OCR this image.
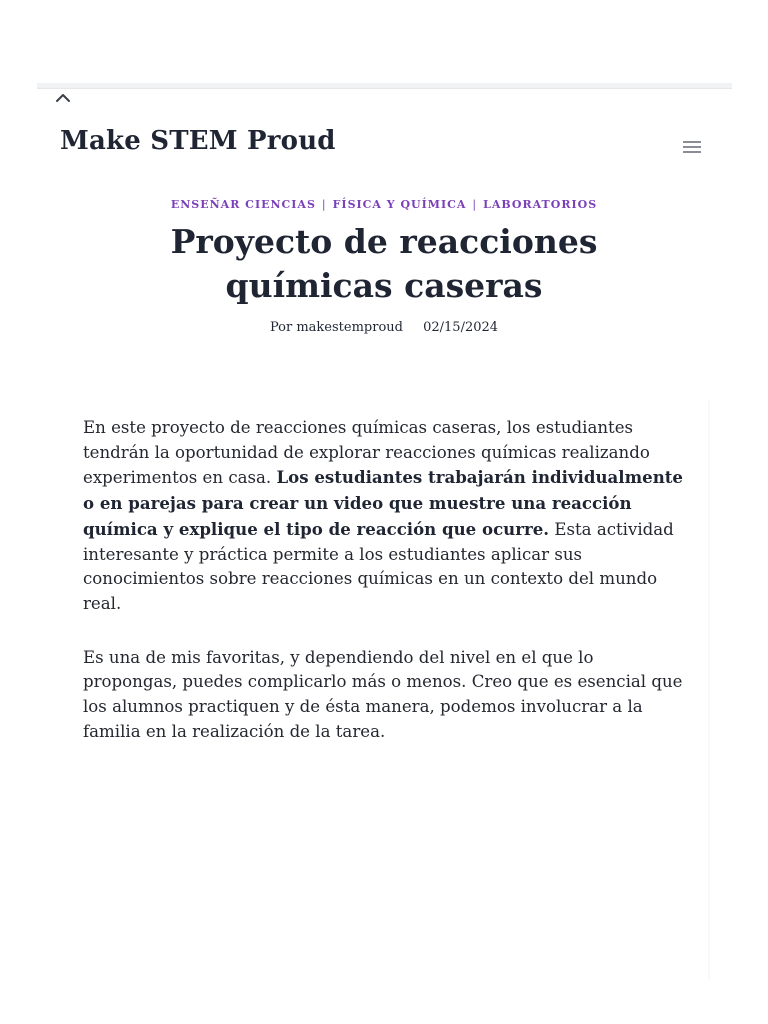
Make STEM Proud
ENSEÑAR CIENCIAS | FÍSICA Y QUÍMICA | LABORATORIOS
Proyecto de reacciones químicas caseras
Por makestemproud 02/15/2024

En este proyecto de reacciones químicas caseras, los estudiantes tendrán la oportunidad de explorar reacciones químicas realizando experimentos en casa. Los estudiantes trabajarán individualmente o en parejas para crear un video que muestre una reacción química y explique el tipo de reacción que ocurre. Esta actividad interesante y práctica permite a los estudiantes aplicar sus conocimientos sobre reacciones químicas en un contexto del mundo real.

Es una de mis favoritas, y dependiendo del nivel en el que lo propongas, puedes complicarlo más o menos. Creo que es esencial que los alumnos practiquen y de ésta manera, podemos involucrar a la familia en la realización de la tarea.
